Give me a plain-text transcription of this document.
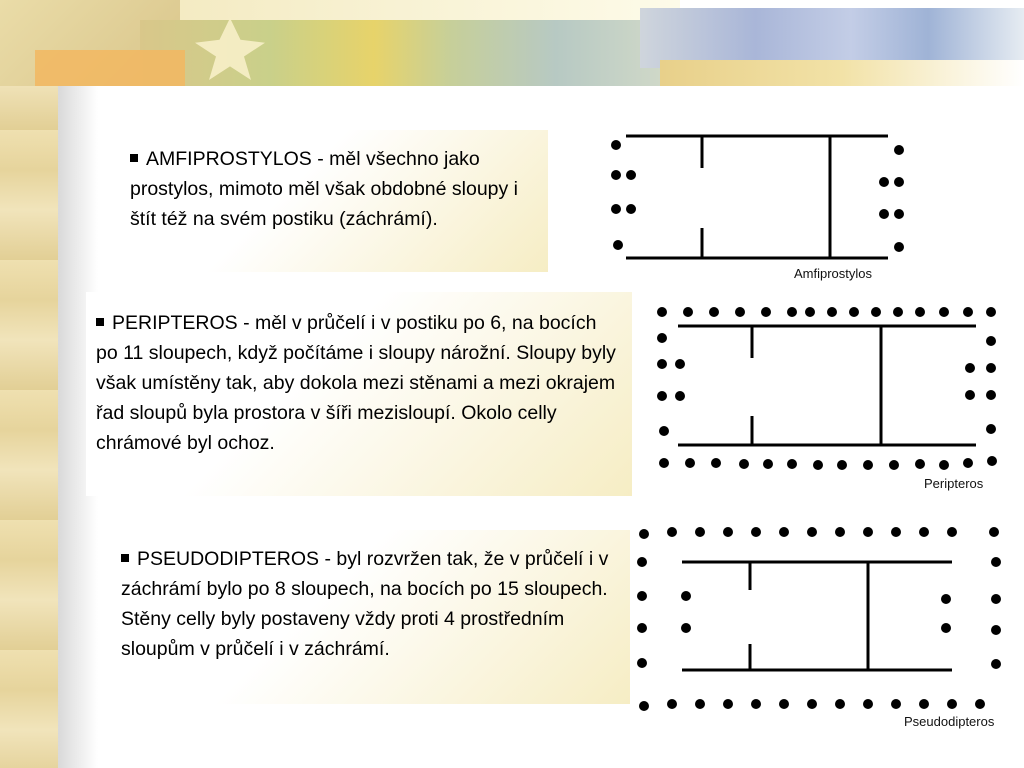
AMFIPROSTYLOS - měl všechno jako prostylos, mimoto měl však obdobné sloupy i štít též na svém postiku (záchrámí).
Amfiprostylos
PERIPTEROS - měl v průčelí i v postiku po 6, na bocích po 11 sloupech, když počítáme i sloupy nárožní. Sloupy byly však umístěny tak, aby dokola mezi stěnami a mezi okrajem řad sloupů byla prostora v šíři mezisloupí. Okolo celly chrámové byl ochoz.
Peripteros
PSEUDODIPTEROS - byl rozvržen tak, že v průčelí i v záchrámí bylo po 8 sloupech, na bocích po 15 sloupech. Stěny celly byly postaveny vždy proti 4 prostředním sloupům v průčelí i v záchrámí.
Pseudodipteros
